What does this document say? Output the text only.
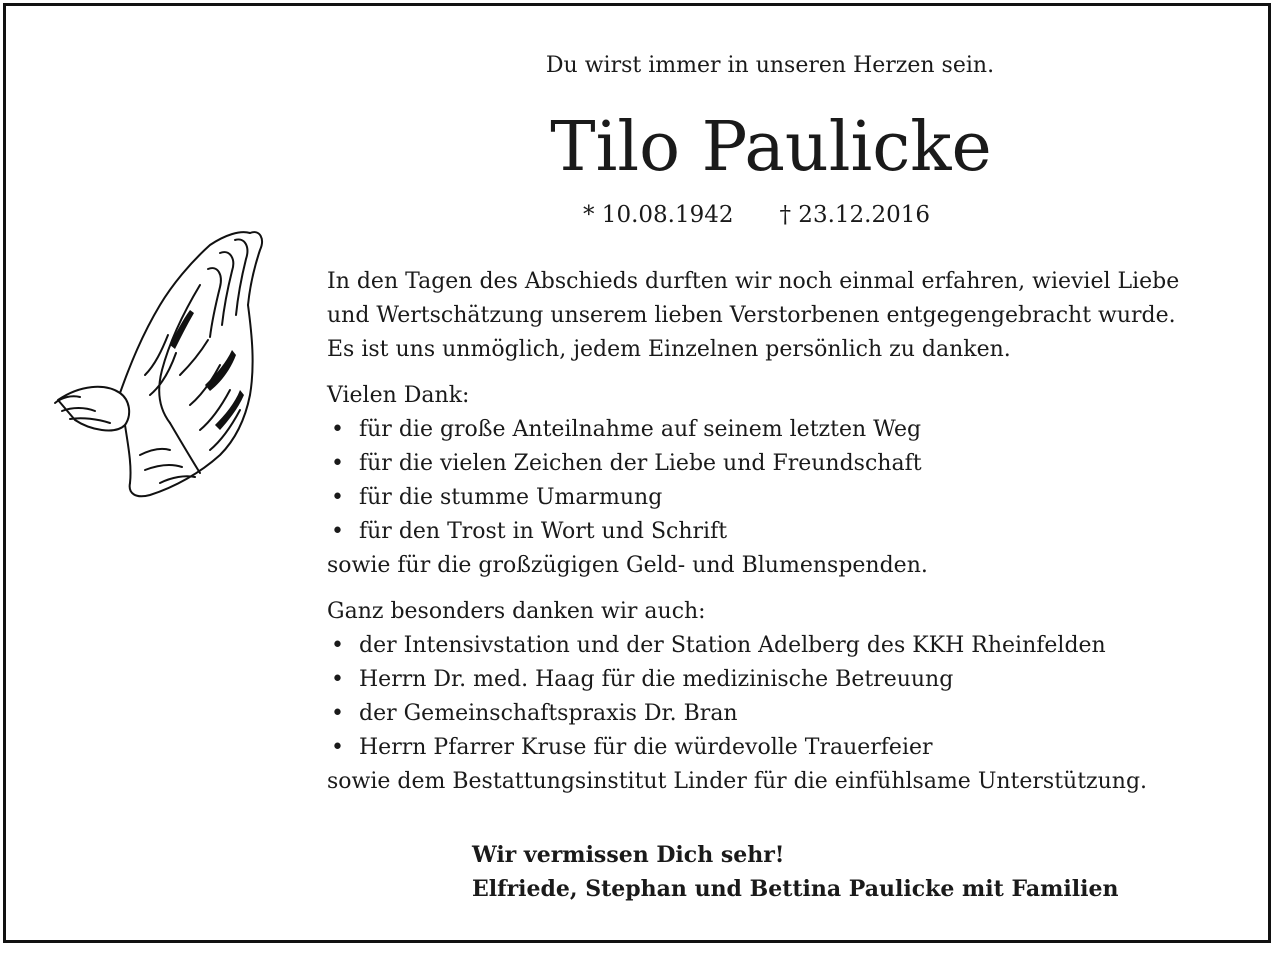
Du wirst immer in unseren Herzen sein.
Tilo Paulicke
* 10.08.1942 † 23.12.2016

In den Tagen des Abschieds durften wir noch einmal erfahren, wieviel Liebe

und Wertschätzung unserem lieben Verstorbenen entgegengebracht wurde.

Es ist uns unmöglich, jedem Einzelnen persönlich zu danken.

Vielen Dank:

• für die große Anteilnahme auf seinem letzten Weg

• für die vielen Zeichen der Liebe und Freundschaft

• für die stumme Umarmung

• für den Trost in Wort und Schrift

sowie für die großzügigen Geld- und Blumenspenden.

Ganz besonders danken wir auch:

• der Intensivstation und der Station Adelberg des KKH Rheinfelden

• Herrn Dr. med. Haag für die medizinische Betreuung

• der Gemeinschaftspraxis Dr. Bran

• Herrn Pfarrer Kruse für die würdevolle Trauerfeier

sowie dem Bestattungsinstitut Linder für die einfühlsame Unterstützung.

Wir vermissen Dich sehr!
Elfriede, Stephan und Bettina Paulicke mit Familien
